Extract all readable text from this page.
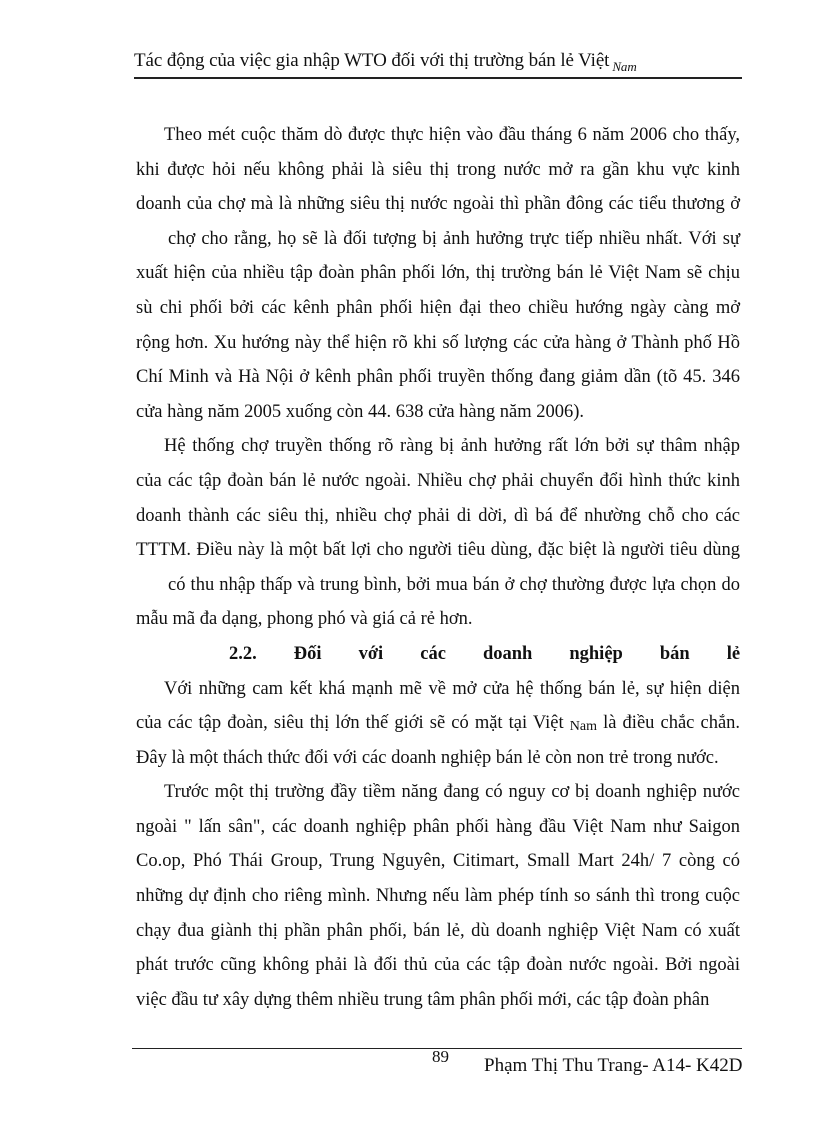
Tác động của việc gia nhập WTO đối với thị trường bán lẻ Việt $_{Nam}$
Theo mét cuộc thăm dò được thực hiện vào đầu tháng 6 năm 2006 cho thấy,
khi được hỏi nếu không phải là siêu thị trong nước mở ra gần khu vực kinh
doanh của chợ mà là những siêu thị nước ngoài thì phần đông các tiểu thương ở
chợ cho rằng, họ sẽ là đối tượng bị ảnh hưởng trực tiếp nhiều nhất. Với sự
xuất hiện của nhiều tập đoàn phân phối lớn, thị trường bán lẻ Việt Nam sẽ chịu
sù chi phối bởi các kênh phân phối hiện đại theo chiều hướng ngày càng mở
rộng hơn. Xu hướng này thể hiện rõ khi số lượng các cửa hàng ở Thành phố Hồ
Chí Minh và Hà Nội ở kênh phân phối truyền thống đang giảm dần (tõ 45. 346
cửa hàng năm 2005 xuống còn 44. 638 cửa hàng năm 2006).
Hệ thống chợ truyền thống rõ ràng bị ảnh hưởng rất lớn bởi sự thâm nhập
của các tập đoàn bán lẻ nước ngoài. Nhiều chợ phải chuyển đổi hình thức kinh
doanh thành các siêu thị, nhiều chợ phải di dời, dì bá để nhường chỗ cho các
TTTM. Điều này là một bất lợi cho người tiêu dùng, đặc biệt là người tiêu dùng
có thu nhập thấp và trung bình, bởi mua bán ở chợ thường được lựa chọn do
mẫu mã đa dạng, phong phó và giá cả rẻ hơn.
2.2. Đối với các doanh nghiệp bán lẻ
Với những cam kết khá mạnh mẽ về mở cửa hệ thống bán lẻ, sự hiện diện
của các tập đoàn, siêu thị lớn thế giới sẽ có mặt tại Việt Nam là điều chắc chắn.
Đây là một thách thức đối với các doanh nghiệp bán lẻ còn non trẻ trong nước.
Trước một thị trường đầy tiềm năng đang có nguy cơ bị doanh nghiệp nước
ngoài " lấn sân", các doanh nghiệp phân phối hàng đầu Việt Nam như Saigon
Co.op, Phó Thái Group, Trung Nguyên, Citimart, Small Mart 24h/ 7 còng có
những dự định cho riêng mình. Nhưng nếu làm phép tính so sánh thì trong cuộc
chạy đua giành thị phần phân phối, bán lẻ, dù doanh nghiệp Việt Nam có xuất
phát trước cũng không phải là đối thủ của các tập đoàn nước ngoài. Bởi ngoài
việc đầu tư xây dựng thêm nhiều trung tâm phân phối mới, các tập đoàn phân
89 Phạm Thị Thu Trang- A14- K42D
